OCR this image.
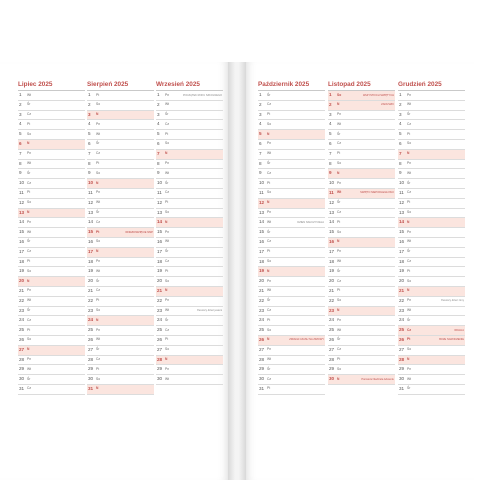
Lipiec 2025
1	Wt
2	Śr
3	Cz
4	Pt
5	So
6	N
7	Pn
8	Wt
9	Śr
10 Cz
11 Pt
12 So
13 N
14 Pn
15 Wt
16 Śr
17 Cz
18 Pt
19 So
20 N
21 Pn
22 Wt
23 Śr
24 Cz
25 Pt
26 So
27 N
28 Pn
29 Wt
30 Śr
31 Cz
Sierpień 2025
1	Pt
2	So
3	N
4	Pn
5	Wt
6	Śr
7	Cz
8	Pt
9	So
10 N
11 Pn
12 Wt
13 Śr
14 Cz
15 Pt	WNIEBOWZIĘCIE NMP
16 So
17 N
18 Pn
19 Wt
20 Śr
21 Cz
22 Pt
23 So
24 N
25 Pn
26 Wt
27 Śr
28 Cz
29 Pt
30 So
31 N
Wrzesień 2025
1	Pn	POCZĄTEK ROKU SZKOLNEGO
2	Wt
3	Śr
4	Cz
5	Pt
6	So
7	N
8	Pn
9	Wt
10 Śr
11 Cz
12 Pt
13 So
14 N
15 Pn
16 Wt
17 Śr
18 Cz
19 Pt
20 So
21 N
22 Pn
23 Wt	Pierwszy dzień jesieni
24 Śr
25 Cz
26 Pt
27 So
28 N
29 Pn
30 Wt
Październik 2025
1	Śr
2	Cz
3	Pt
4	So
5	N
6	Pn
7	Wt
8	Śr
9	Cz
10 Pt
11 So
12 N
13 Pn
14 Wt	DZIEŃ NAUCZYCIELA
15 Śr
16 Cz
17 Pt
18 So
19 N
20 Pn
21 Wt
22 Śr
23 Cz
24 Pt
25 So
26 N	ZMIANA CZASU NA ZIMOWY
27 Pn
28 Wt
29 Śr
30 Cz
31 Pt
Listopad 2025
1	So	WSZYSTKICH ŚWIĘTYCH
2	N	ZADUSZKI
3	Pn
4	Wt
5	Śr
6	Cz
7	Pt
8	So
9	N
10 Pn
11 Wt	ŚWIĘTO NIEPODLEGŁOŚCI
12 Śr
13 Cz
14 Pt
15 So
16 N
17 Pn
18 Wt
19 Śr
20 Cz
21 Pt
22 So
23 N
24 Pn
25 Wt
26 Śr
27 Cz
28 Pt
29 So
30 N	Pierwsza Niedziela Adwentu
Grudzień 2025
1	Pn
2	Wt
3	Śr
4	Cz
5	Pt
6	So
7	N
8	Pn
9	Wt
10 Śr
11 Cz
12 Pt
13 So
14 N
15 Pn
16 Wt
17 Śr
18 Cz
19 Pt
20 So
21 N
22 Pn	Pierwszy dzień zimy
23 Wt
24 Śr
25 Cz	WIGILIA
26 Pt	BOŻE NARODZENIE
27 So
28 N
29 Pn
30 Wt
31 Śr
